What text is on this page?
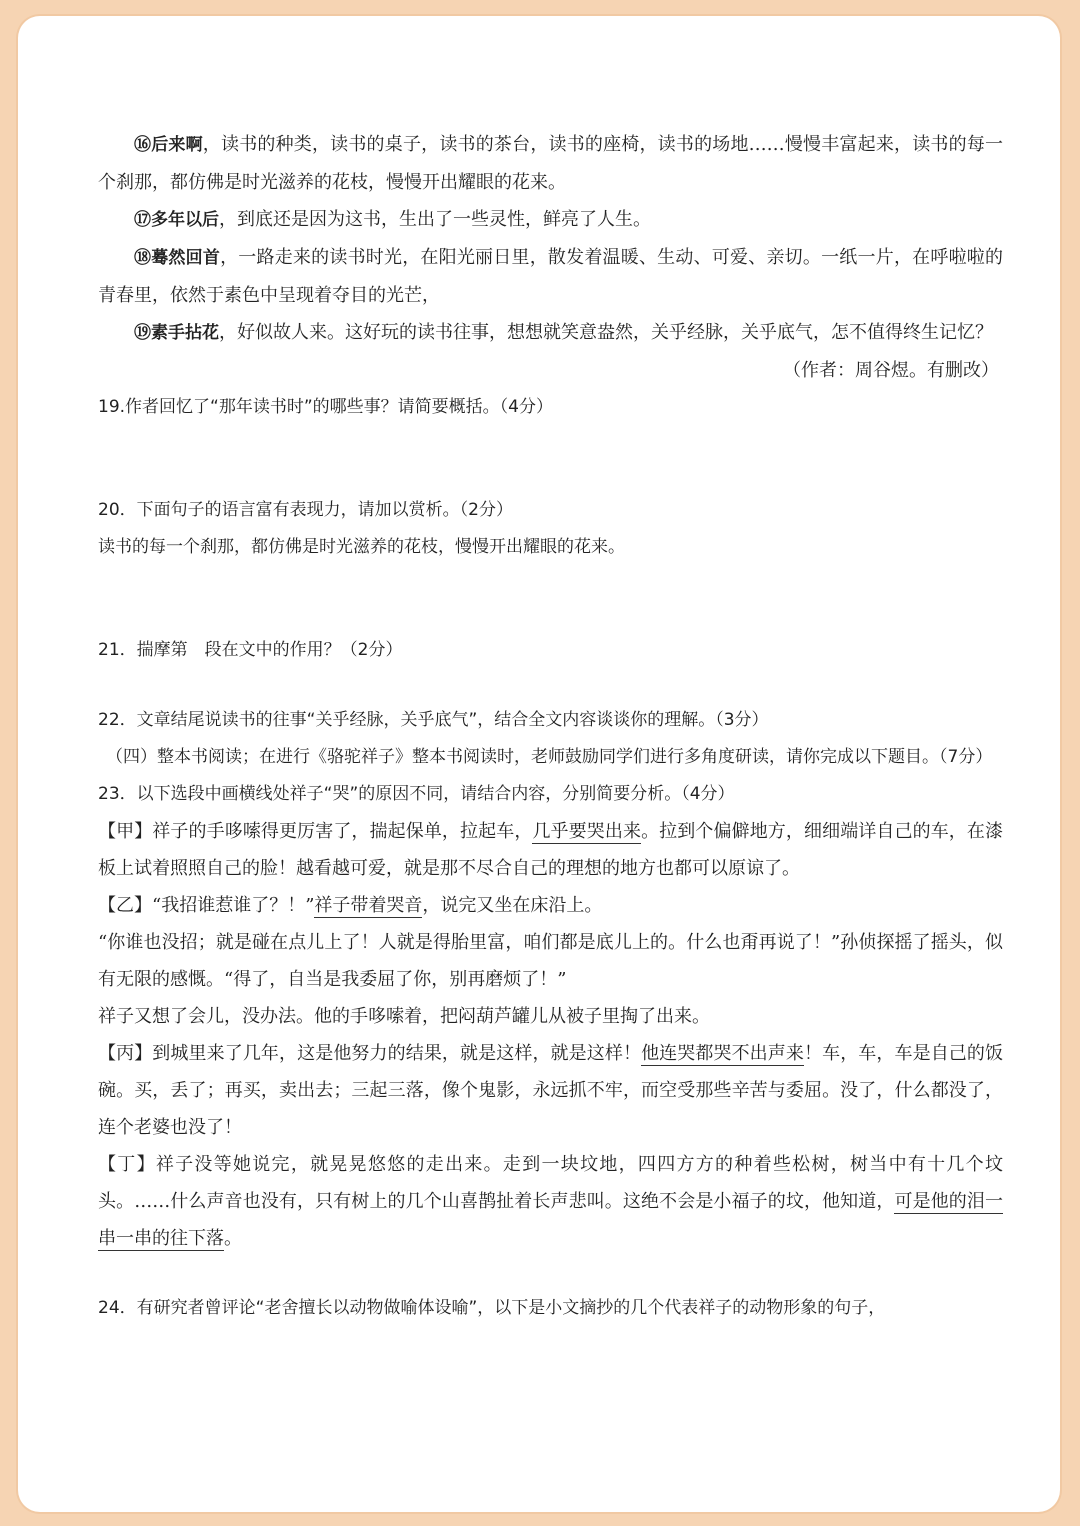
⑯后来啊，读书的种类，读书的桌子，读书的茶台，读书的座椅，读书的场地……慢慢丰富起来，读书的每一个刹那，都仿佛是时光滋养的花枝，慢慢开出耀眼的花来。

⑰多年以后，到底还是因为这书，生出了一些灵性，鲜亮了人生。

⑱蓦然回首，一路走来的读书时光，在阳光丽日里，散发着温暖、生动、可爱、亲切。一纸一片，在呼啦啦的青春里，依然于素色中呈现着夺目的光芒，

⑲素手拈花，好似故人来。这好玩的读书往事，想想就笑意盎然，关乎经脉，关乎底气，怎不值得终生记忆？

（作者：周谷煜。有删改）

19.作者回忆了“那年读书时”的哪些事？请简要概括。（4分）

20．下面句子的语言富有表现力，请加以赏析。（2分）

读书的每一个刹那，都仿佛是时光滋养的花枝，慢慢开出耀眼的花来。

21．揣摩第　段在文中的作用？（2分）

22．文章结尾说读书的往事“关乎经脉，关乎底气”，结合全文内容谈谈你的理解。（3分）

（四）整本书阅读；在进行《骆驼祥子》整本书阅读时，老师鼓励同学们进行多角度研读，请你完成以下题目。（7分）

23．以下选段中画横线处祥子“哭”的原因不同，请结合内容，分别简要分析。（4分）

【甲】祥子的手哆嗦得更厉害了，揣起保单，拉起车，几乎要哭出来。拉到个偏僻地方，细细端详自己的车，在漆板上试着照照自己的脸！越看越可爱，就是那不尽合自己的理想的地方也都可以原谅了。

【乙】“我招谁惹谁了？！”祥子带着哭音，说完又坐在床沿上。

“你谁也没招；就是碰在点儿上了！人就是得胎里富，咱们都是底儿上的。什么也甭再说了！”孙侦探摇了摇头，似有无限的感慨。“得了，自当是我委屈了你，别再磨烦了！”

祥子又想了会儿，没办法。他的手哆嗦着，把闷葫芦罐儿从被子里掏了出来。

【丙】到城里来了几年，这是他努力的结果，就是这样，就是这样！他连哭都哭不出声来！车，车，车是自己的饭碗。买，丢了；再买，卖出去；三起三落，像个鬼影，永远抓不牢，而空受那些辛苦与委屈。没了，什么都没了，连个老婆也没了！

【丁】祥子没等她说完，就晃晃悠悠的走出来。走到一块坟地，四四方方的种着些松树，树当中有十几个坟头。……什么声音也没有，只有树上的几个山喜鹊扯着长声悲叫。这绝不会是小福子的坟，他知道，可是他的泪一串一串的往下落。

24．有研究者曾评论“老舍擅长以动物做喻体设喻”，以下是小文摘抄的几个代表祥子的动物形象的句子，
